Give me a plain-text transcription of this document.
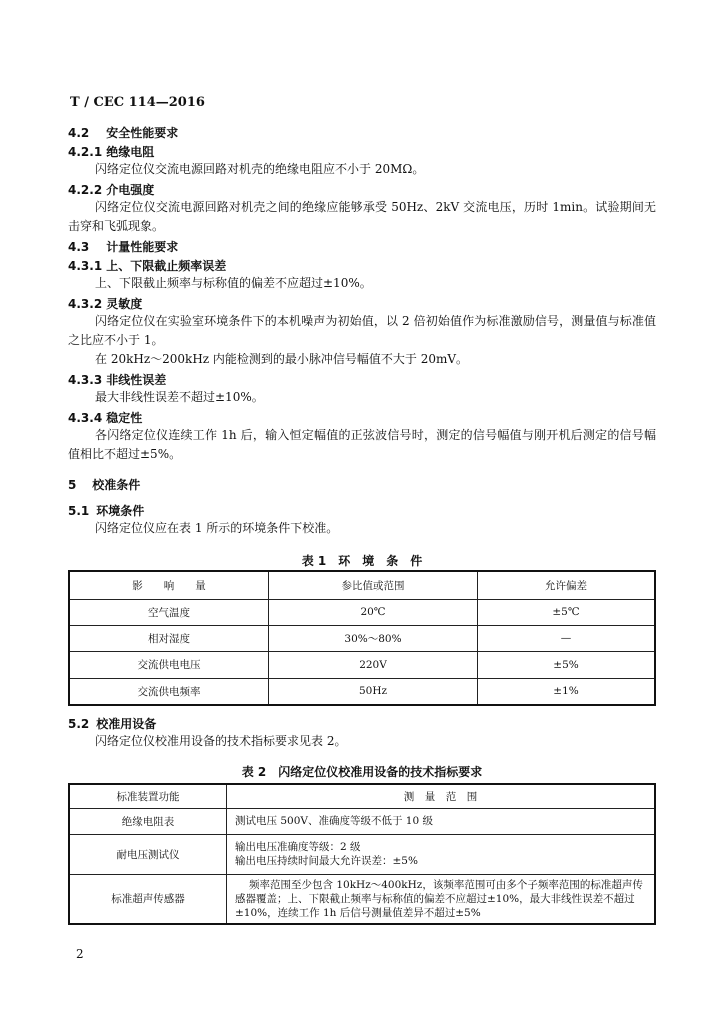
T / CEC 114—2016
4.2 安全性能要求
4.2.1 绝缘电阻
闪络定位仪交流电源回路对机壳的绝缘电阻应不小于 20MΩ。
4.2.2 介电强度
闪络定位仪交流电源回路对机壳之间的绝缘应能够承受 50Hz、2kV 交流电压，历时 1min。试验期间无击穿和飞弧现象。
4.3 计量性能要求
4.3.1 上、下限截止频率误差
上、下限截止频率与标称值的偏差不应超过±10%。
4.3.2 灵敏度
闪络定位仪在实验室环境条件下的本机噪声为初始值，以 2 倍初始值作为标准激励信号，测量值与标准值之比应不小于 1。
在 20kHz～200kHz 内能检测到的最小脉冲信号幅值不大于 20mV。
4.3.3 非线性误差
最大非线性误差不超过±10%。
4.3.4 稳定性
各闪络定位仪连续工作 1h 后，输入恒定幅值的正弦波信号时，测定的信号幅值与刚开机后测定的信号幅值相比不超过±5%。
5 校准条件
5.1 环境条件
闪络定位仪应在表 1 所示的环境条件下校准。
表 1　环　境　条　件
影　　响　　量	参比值或范围	允许偏差
空气温度	20℃	±5℃
相对湿度	30%～80%	—
交流供电电压	220V	±5%
交流供电频率	50Hz	±1%
5.2 校准用设备
闪络定位仪校准用设备的技术指标要求见表 2。
表 2　闪络定位仪校准用设备的技术指标要求
标准装置功能	测　量　范　围
绝缘电阻表	测试电压 500V、准确度等级不低于 10 级
耐电压测试仪	输出电压准确度等级：2 级
输出电压持续时间最大允许误差：±5%

标准超声传感器	频率范围至少包含 10kHz～400kHz，该频率范围可由多个子频率范围的标准超声传感器覆盖；上、下限截止频率与标称值的偏差不应超过±10%，最大非线性误差不超过±10%，连续工作 1h 后信号测量值差异不超过±5%
2
